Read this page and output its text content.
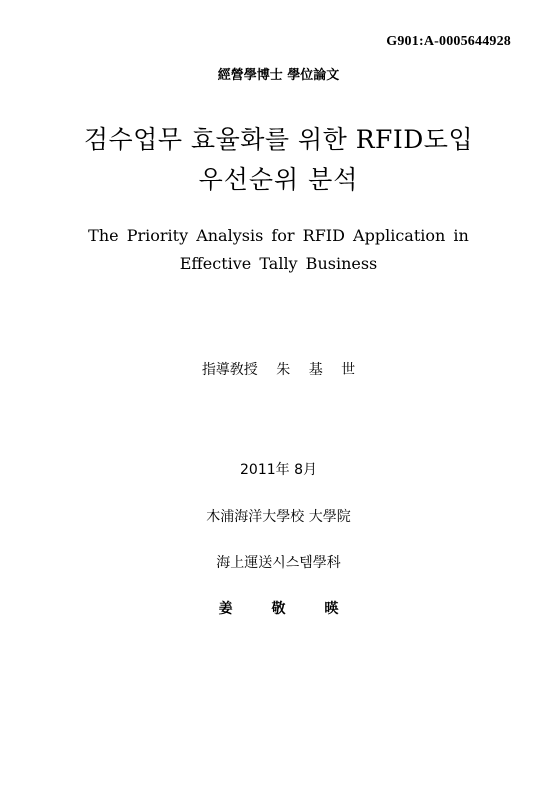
G901:A-0005644928
經營學博士 學位論文
검수업무 효율화를 위한 RFID도입
우선순위 분석
The Priority Analysis for RFID Application in
Effective Tally Business
指導敎授 朱 基 世
2011年 8月
木浦海洋大學校 大學院
海上運送시스템學科
姜 敬 暎
